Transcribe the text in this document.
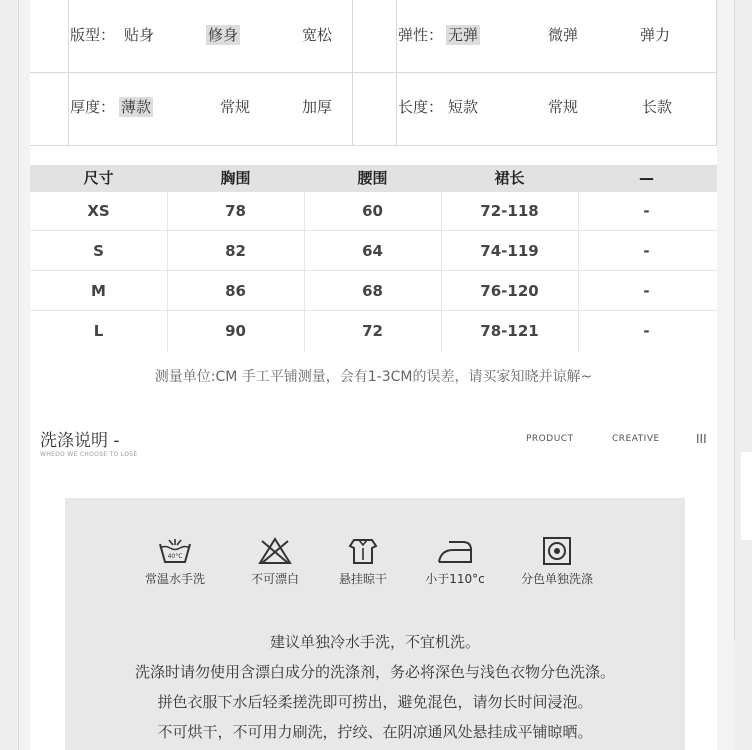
版型： 贴身	修身	宽松	弹性： 无弹	微弹	弹力
厚度： 薄款	常规	加厚	长度： 短款	常规	长款
尺寸	胸围	腰围	裙长	—
XS	78	60	72-118	-
S	82	64	74-119	-
M	86	68	76-120	-
L	90	72	78-121	-
测量单位:CM 手工平铺测量，会有1-3CM的误差，请买家知晓并谅解~
洗涤说明 -
WHEDO WE CHOOSE TO LOSE
PRODUCT	CREATIVE	III
40°C
常温水手洗	不可漂白	悬挂晾干	小于110°c	分色单独洗涤
建议单独冷水手洗，不宜机洗。
洗涤时请勿使用含漂白成分的洗涤剂，务必将深色与浅色衣物分色洗涤。
拼色衣服下水后轻柔搓洗即可捞出，避免混色，请勿长时间浸泡。
不可烘干，不可用力刷洗，拧绞、在阴凉通风处悬挂成平铺晾晒。
